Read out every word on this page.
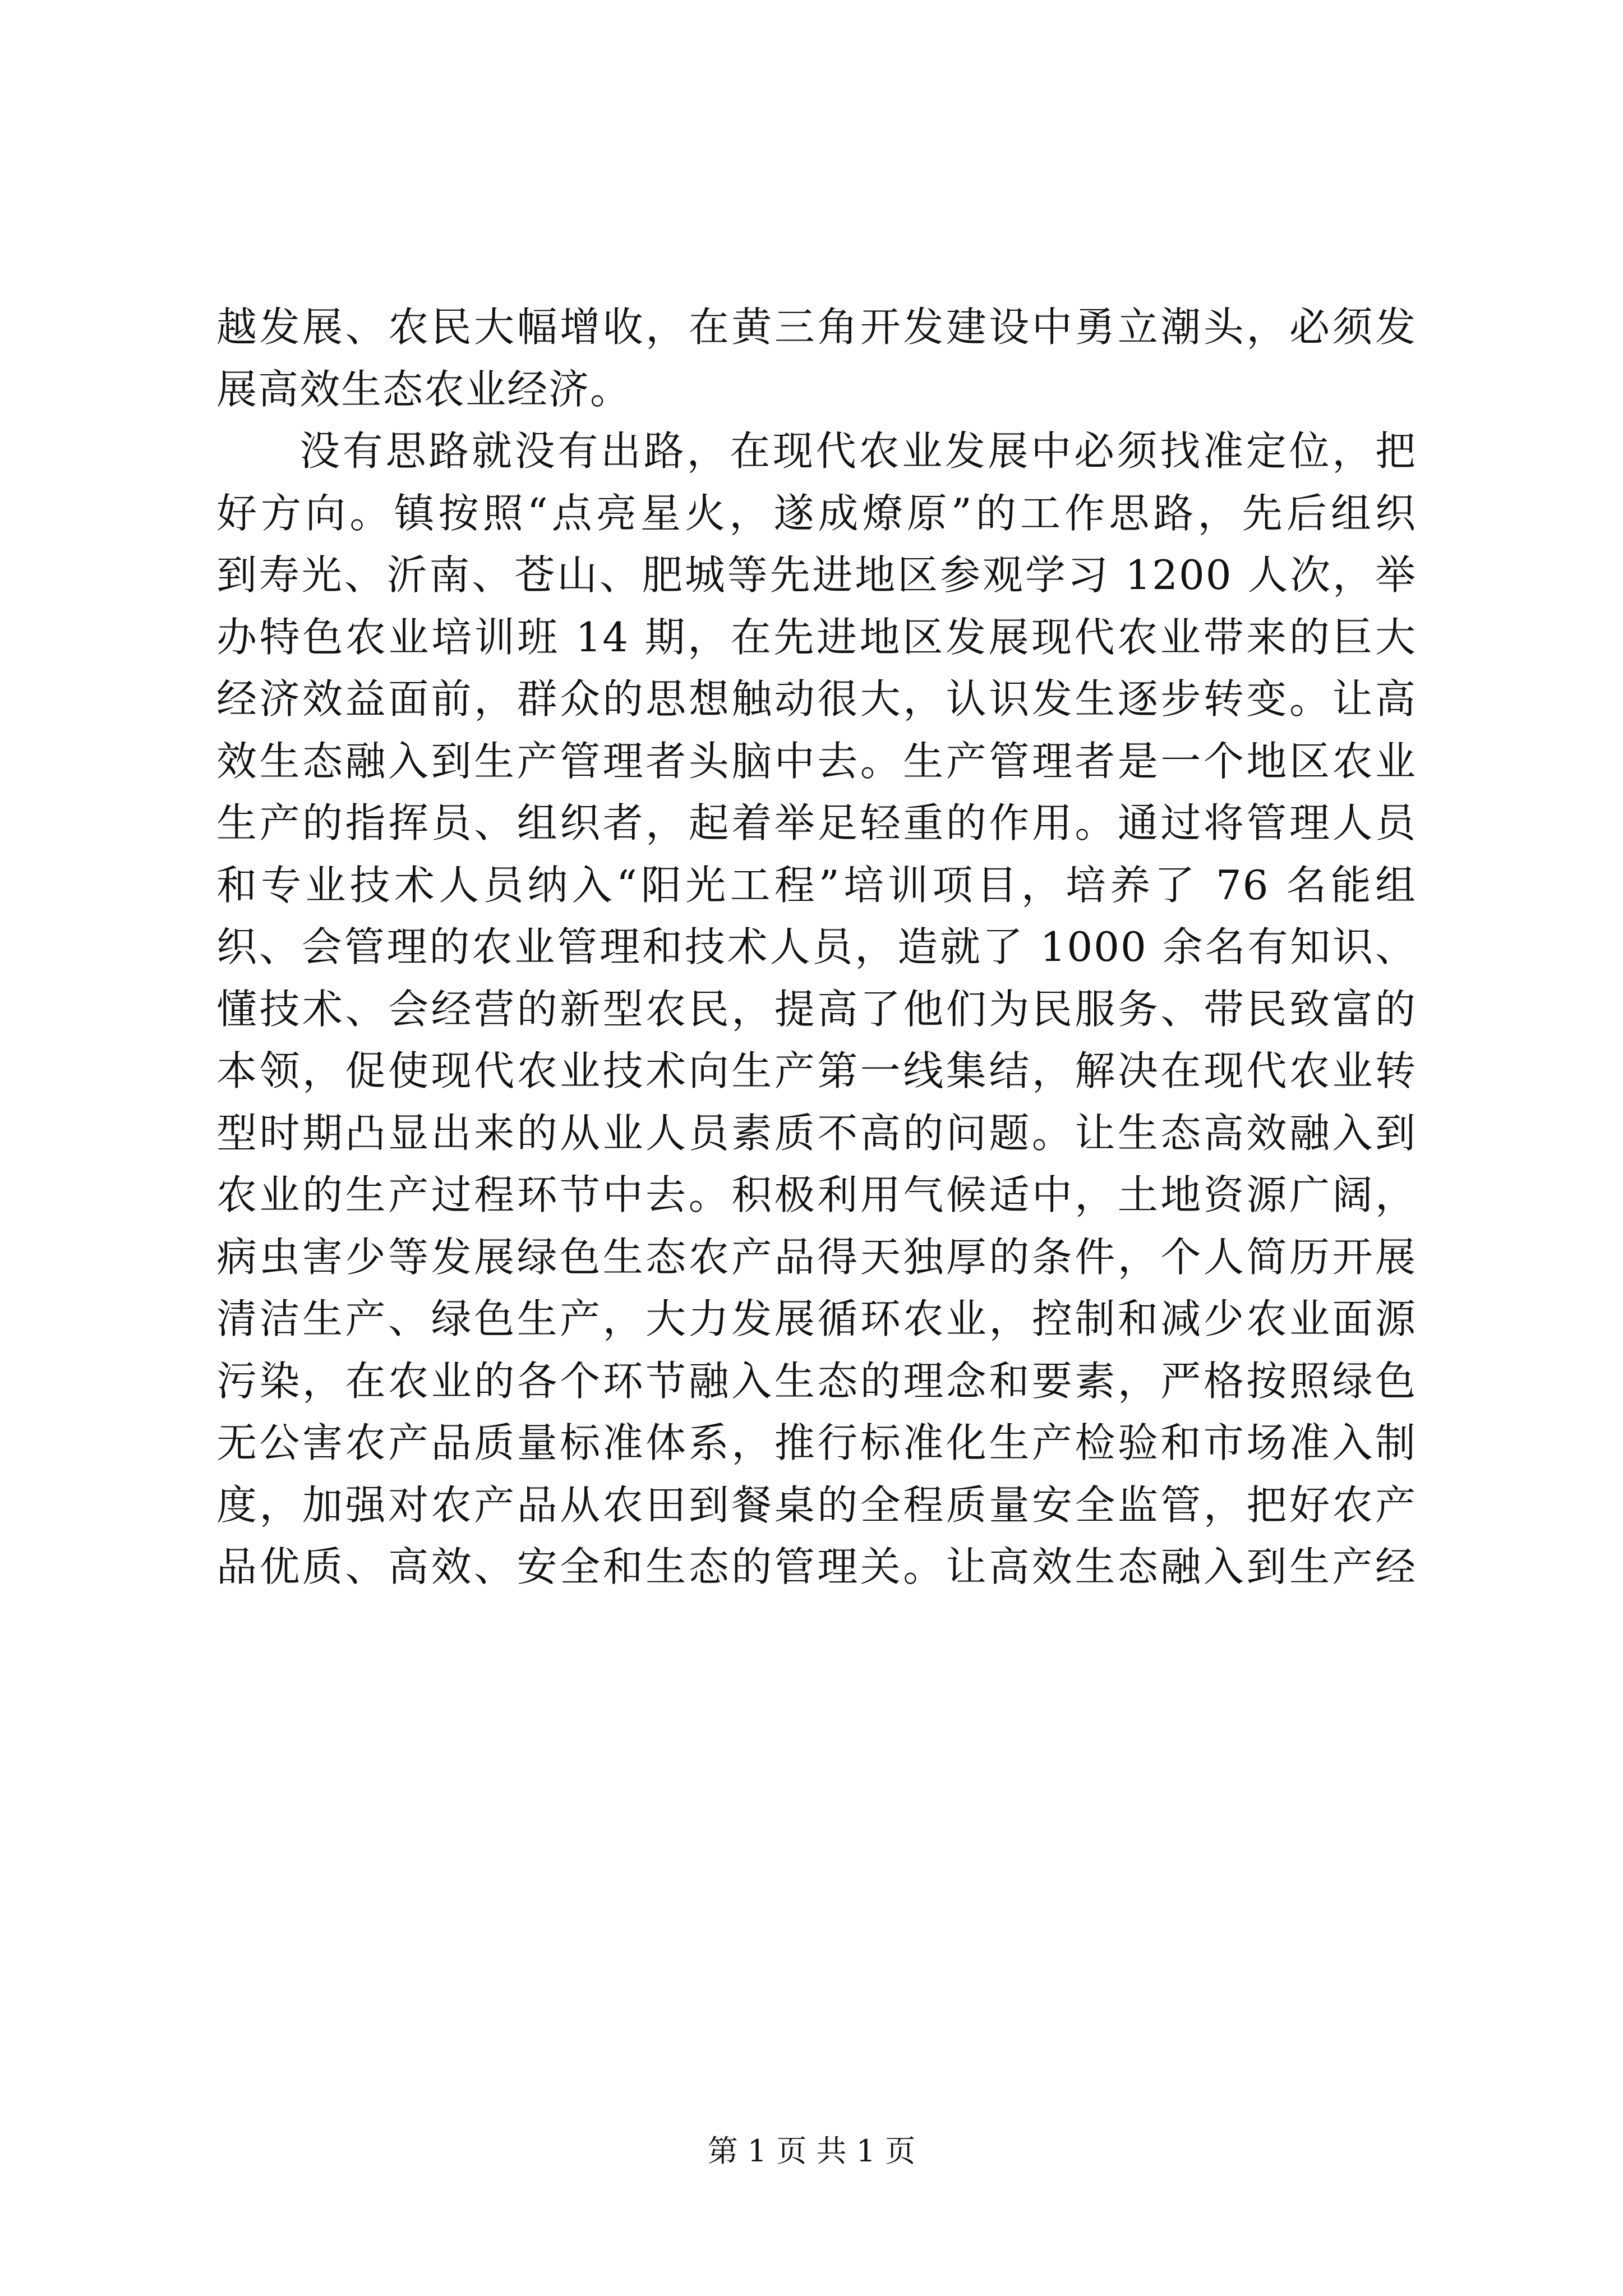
越发展、农民大幅增收，在黄三角开发建设中勇立潮头，必须发
展高效生态农业经济。
没有思路就没有出路，在现代农业发展中必须找准定位，把
好方向。镇按照“点亮星火，遂成燎原”的工作思路，先后组织
到寿光、沂南、苍山、肥城等先进地区参观学习 1200 人次，举
办特色农业培训班 14 期，在先进地区发展现代农业带来的巨大
经济效益面前，群众的思想触动很大，认识发生逐步转变。让高
效生态融入到生产管理者头脑中去。生产管理者是一个地区农业
生产的指挥员、组织者，起着举足轻重的作用。通过将管理人员
和专业技术人员纳入“阳光工程”培训项目，培养了 76 名能组
织、会管理的农业管理和技术人员，造就了 1000 余名有知识、
懂技术、会经营的新型农民，提高了他们为民服务、带民致富的
本领，促使现代农业技术向生产第一线集结，解决在现代农业转
型时期凸显出来的从业人员素质不高的问题。让生态高效融入到
农业的生产过程环节中去。积极利用气候适中，土地资源广阔，
病虫害少等发展绿色生态农产品得天独厚的条件，个人简历开展
清洁生产、绿色生产，大力发展循环农业，控制和减少农业面源
污染，在农业的各个环节融入生态的理念和要素，严格按照绿色
无公害农产品质量标准体系，推行标准化生产检验和市场准入制
度，加强对农产品从农田到餐桌的全程质量安全监管，把好农产
品优质、高效、安全和生态的管理关。让高效生态融入到生产经
第 1 页 共 1 页
